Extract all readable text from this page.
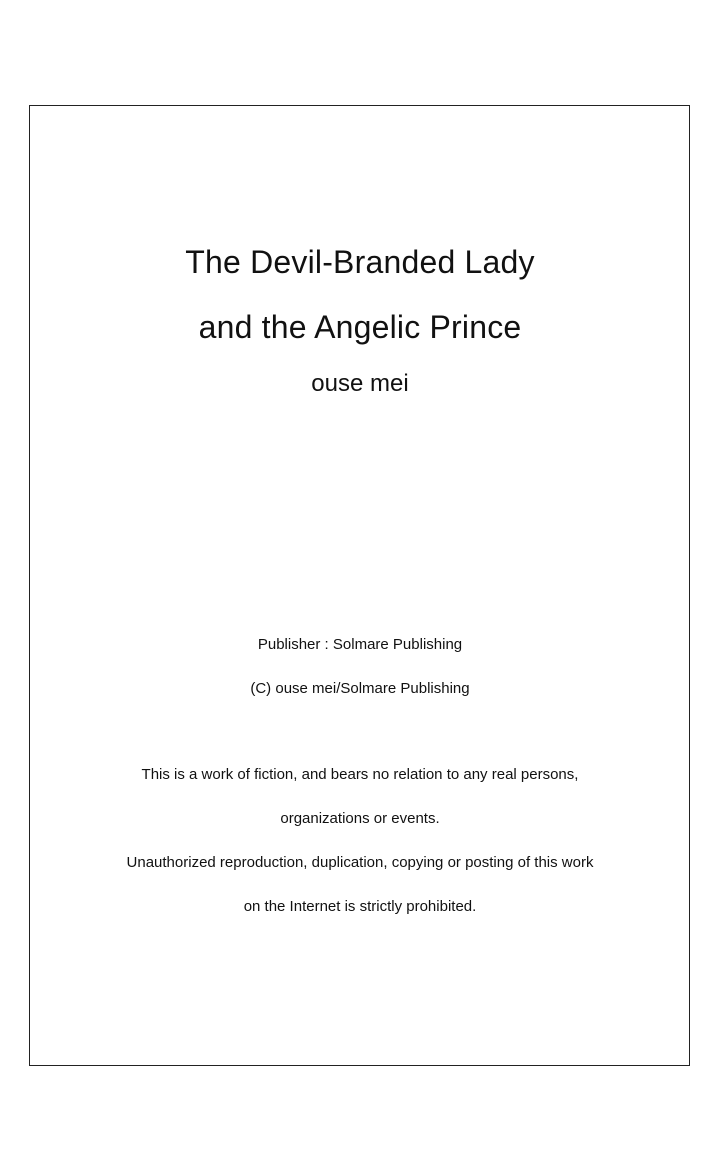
The Devil-Branded Lady
and the Angelic Prince
ouse mei
Publisher : Solmare Publishing
(C) ouse mei/Solmare Publishing
This is a work of fiction, and bears no relation to any real persons,
organizations or events.
Unauthorized reproduction, duplication, copying or posting of this work
on the Internet is strictly prohibited.
